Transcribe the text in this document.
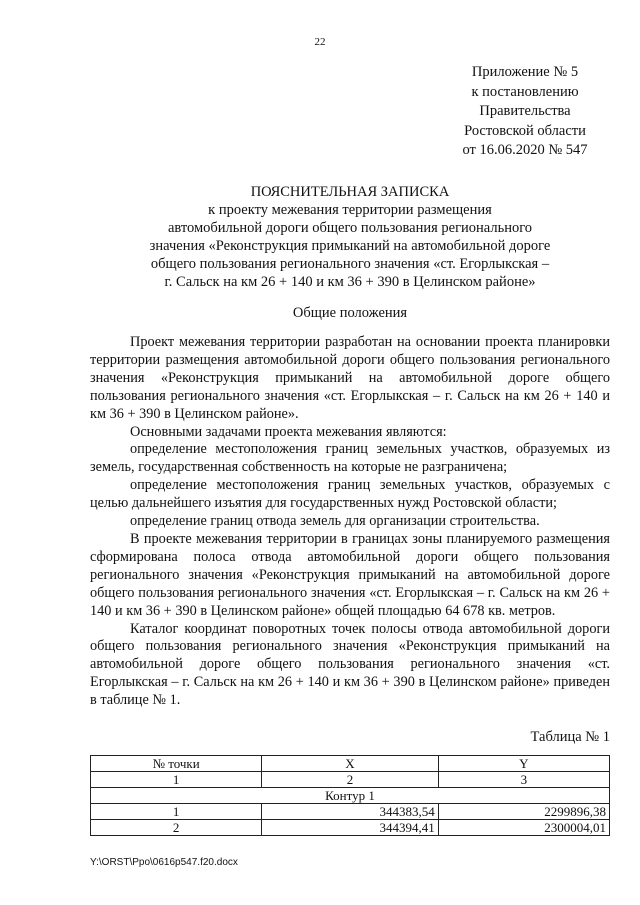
22
Приложение № 5
к постановлению
Правительства
Ростовской области
от 16.06.2020 № 547
ПОЯСНИТЕЛЬНАЯ ЗАПИСКА
к проекту межевания территории размещения
автомобильной дороги общего пользования регионального
значения «Реконструкция примыканий на автомобильной дороге
общего пользования регионального значения «ст. Егорлыкская –
г. Сальск на км 26 + 140 и км 36 + 390 в Целинском районе»
Общие положения

Проект межевания территории разработан на основании проекта планировки территории размещения автомобильной дороги общего пользования регионального значения «Реконструкция примыканий на автомобильной дороге общего пользования регионального значения «ст. Егорлыкская – г. Сальск на км 26 + 140 и км 36 + 390 в Целинском районе».

Основными задачами проекта межевания являются:

определение местоположения границ земельных участков, образуемых из земель, государственная собственность на которые не разграничена;

определение местоположения границ земельных участков, образуемых с целью дальнейшего изъятия для государственных нужд Ростовской области;

определение границ отвода земель для организации строительства.

В проекте межевания территории в границах зоны планируемого размещения сформирована полоса отвода автомобильной дороги общего пользования регионального значения «Реконструкция примыканий на автомобильной дороге общего пользования регионального значения «ст. Егорлыкская – г. Сальск на км 26 + 140 и км 36 + 390 в Целинском районе» общей площадью 64 678 кв. метров.

Каталог координат поворотных точек полосы отвода автомобильной дороги общего пользования регионального значения «Реконструкция примыканий на автомобильной дороге общего пользования регионального значения «ст. Егорлыкская – г. Сальск на км 26 + 140 и км 36 + 390 в Целинском районе» приведен в таблице № 1.

Таблица № 1
№ точки	X	Y
1	2	3
Контур 1		
1	344383,54	2299896,38
2	344394,41	2300004,01
Y:\ORST\Ppo\0616p547.f20.docx
